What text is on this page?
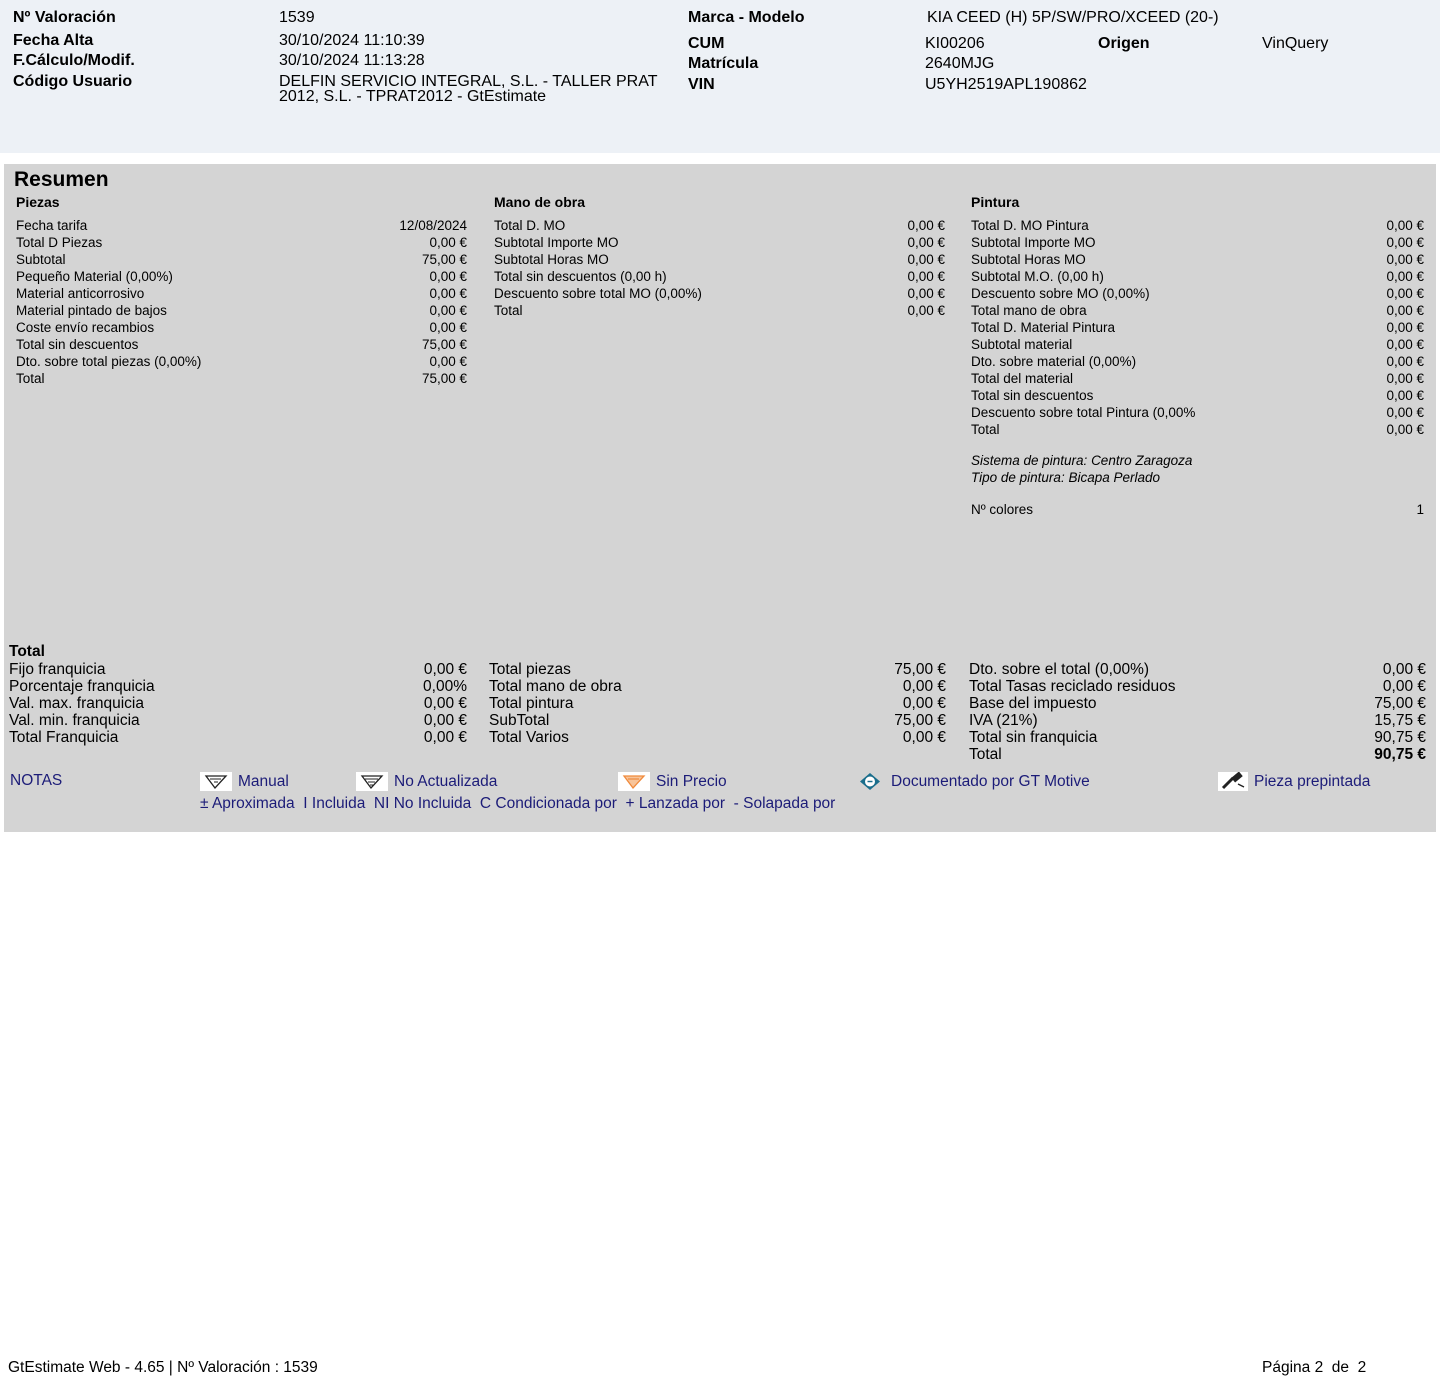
Nº Valoración	1539
Fecha Alta	30/10/2024 11:10:39
F.Cálculo/Modif.	30/10/2024 11:13:28
Código Usuario	DELFIN SERVICIO INTEGRAL, S.L. - TALLER PRAT 2012, S.L. - TPRAT2012 - GtEstimate
Marca - Modelo	KIA CEED (H) 5P/SW/PRO/XCEED (20-)
CUM	KI00206	Origen	VinQuery
Matrícula	2640MJG
VIN	U5YH2519APL190862
Resumen
Piezas	Mano de obra	Pintura
Fecha tarifa	12/08/2024
Total D Piezas	0,00 €
Subtotal	75,00 €
Pequeño Material (0,00%)	0,00 €
Material anticorrosivo	0,00 €
Material pintado de bajos	0,00 €
Coste envío recambios	0,00 €
Total sin descuentos	75,00 €
Dto. sobre total piezas (0,00%)	0,00 €
Total	75,00 €
Total D. MO	0,00 €
Subtotal Importe MO	0,00 €
Subtotal Horas MO	0,00 €
Total sin descuentos (0,00 h)	0,00 €
Descuento sobre total MO (0,00%)	0,00 €
Total	0,00 €
Total D. MO Pintura	0,00 €
Subtotal Importe MO	0,00 €
Subtotal Horas MO	0,00 €
Subtotal M.O. (0,00 h)	0,00 €
Descuento sobre MO (0,00%)	0,00 €
Total mano de obra	0,00 €
Total D. Material Pintura	0,00 €
Subtotal material	0,00 €
Dto. sobre material (0,00%)	0,00 €
Total del material	0,00 €
Total sin descuentos	0,00 €
Descuento sobre total Pintura (0,00%	0,00 €
Total	0,00 €
Sistema de pintura: Centro Zaragoza
Tipo de pintura: Bicapa Perlado
Nº colores	1
Total
Fijo franquicia	0,00 €
Porcentaje franquicia	0,00%
Val. max. franquicia	0,00 €
Val. min. franquicia	0,00 €
Total Franquicia	0,00 €
Total piezas	75,00 €
Total mano de obra	0,00 €
Total pintura	0,00 €
SubTotal	75,00 €
Total Varios	0,00 €
Dto. sobre el total (0,00%)	0,00 €
Total Tasas reciclado residuos	0,00 €
Base del impuesto	75,00 €
IVA (21%)	15,75 €
Total sin franquicia	90,75 €
Total	90,75 €
NOTAS	Manual	No Actualizada	Sin Precio	Documentado por GT Motive	Pieza prepintada
± Aproximada  I Incluida  NI No Incluida  C Condicionada por  + Lanzada por  - Solapada por
GtEstimate Web - 4.65 | Nº Valoración : 1539	Página 2  de  2
